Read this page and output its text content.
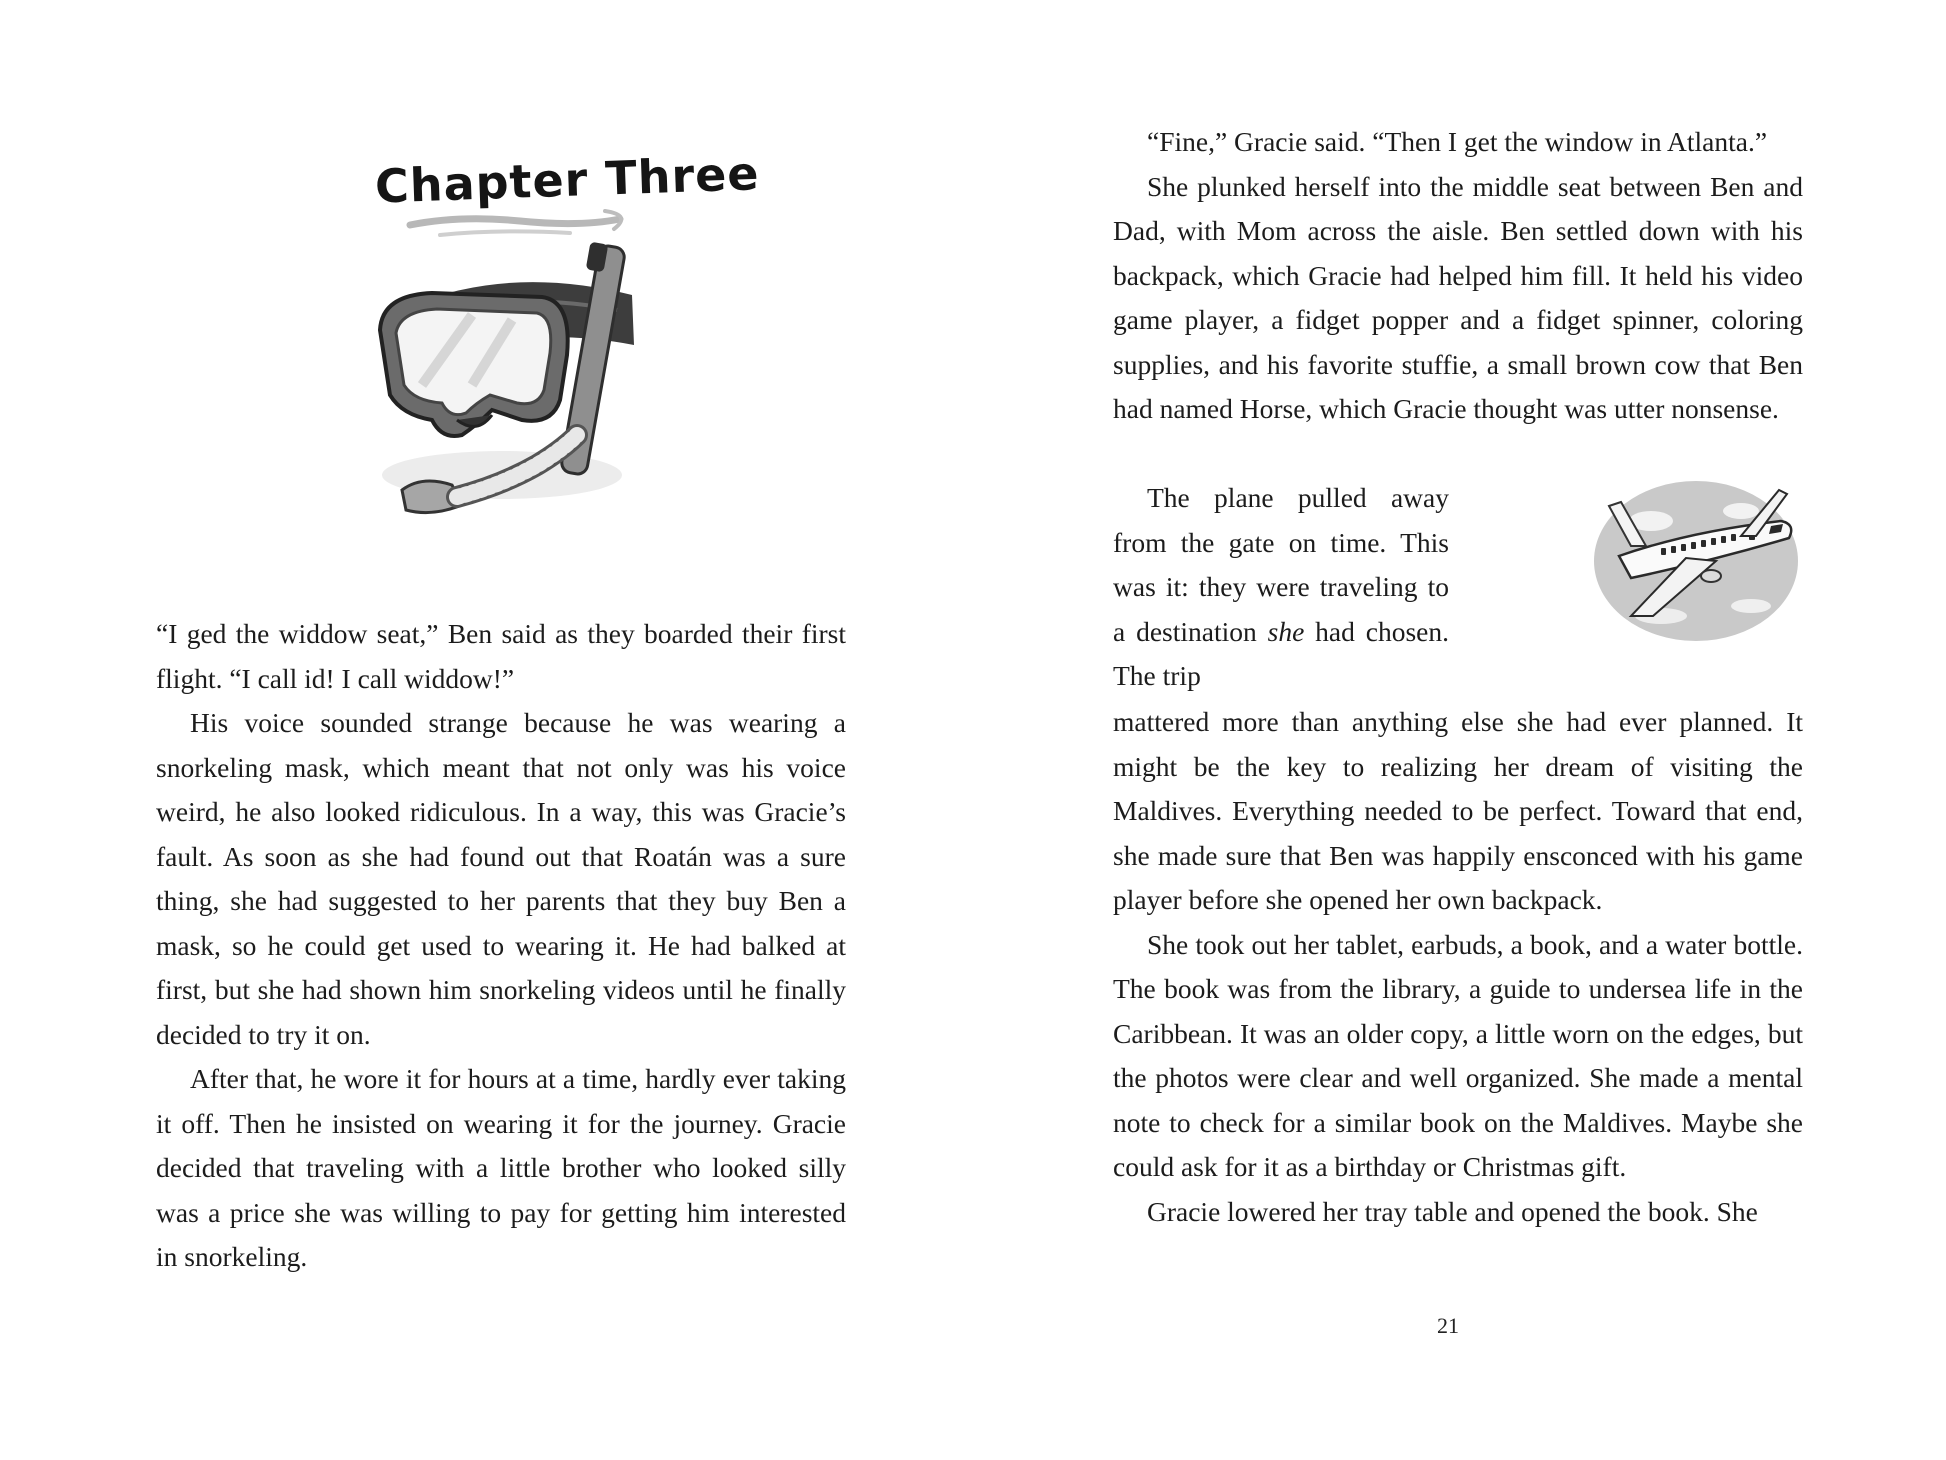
Chapter Three

“I ged the widdow seat,” Ben said as they boarded their first flight. “I call id! I call widdow!”

His voice sounded strange because he was wearing a snorkeling mask, which meant that not only was his voice weird, he also looked ridiculous. In a way, this was Gracie’s fault. As soon as she had found out that Roatán was a sure thing, she had suggested to her parents that they buy Ben a mask, so he could get used to wearing it. He had balked at first, but she had shown him snorkeling videos until he finally decided to try it on.

After that, he wore it for hours at a time, hardly ever taking it off. Then he insisted on wearing it for the journey. Gracie decided that traveling with a little brother who looked silly was a price she was willing to pay for getting him interested in snorkeling.

“Fine,” Gracie said. “Then I get the window in Atlanta.”

She plunked herself into the middle seat between Ben and Dad, with Mom across the aisle. Ben settled down with his backpack, which Gracie had helped him fill. It held his video game player, a fidget popper and a fidget spinner, coloring supplies, and his favorite stuffie, a small brown cow that Ben had named Horse, which Gracie thought was utter nonsense.

The plane pulled away from the gate on time. This was it: they were traveling to a destination she had chosen. The trip

mattered more than anything else she had ever planned. It might be the key to realizing her dream of visiting the Maldives. Everything needed to be perfect. Toward that end, she made sure that Ben was happily ensconced with his game player before she opened her own backpack.

She took out her tablet, earbuds, a book, and a water bottle. The book was from the library, a guide to undersea life in the Caribbean. It was an older copy, a little worn on the edges, but the photos were clear and well organized. She made a mental note to check for a similar book on the Maldives. Maybe she could ask for it as a birthday or Christmas gift.

Gracie lowered her tray table and opened the book. She

21
